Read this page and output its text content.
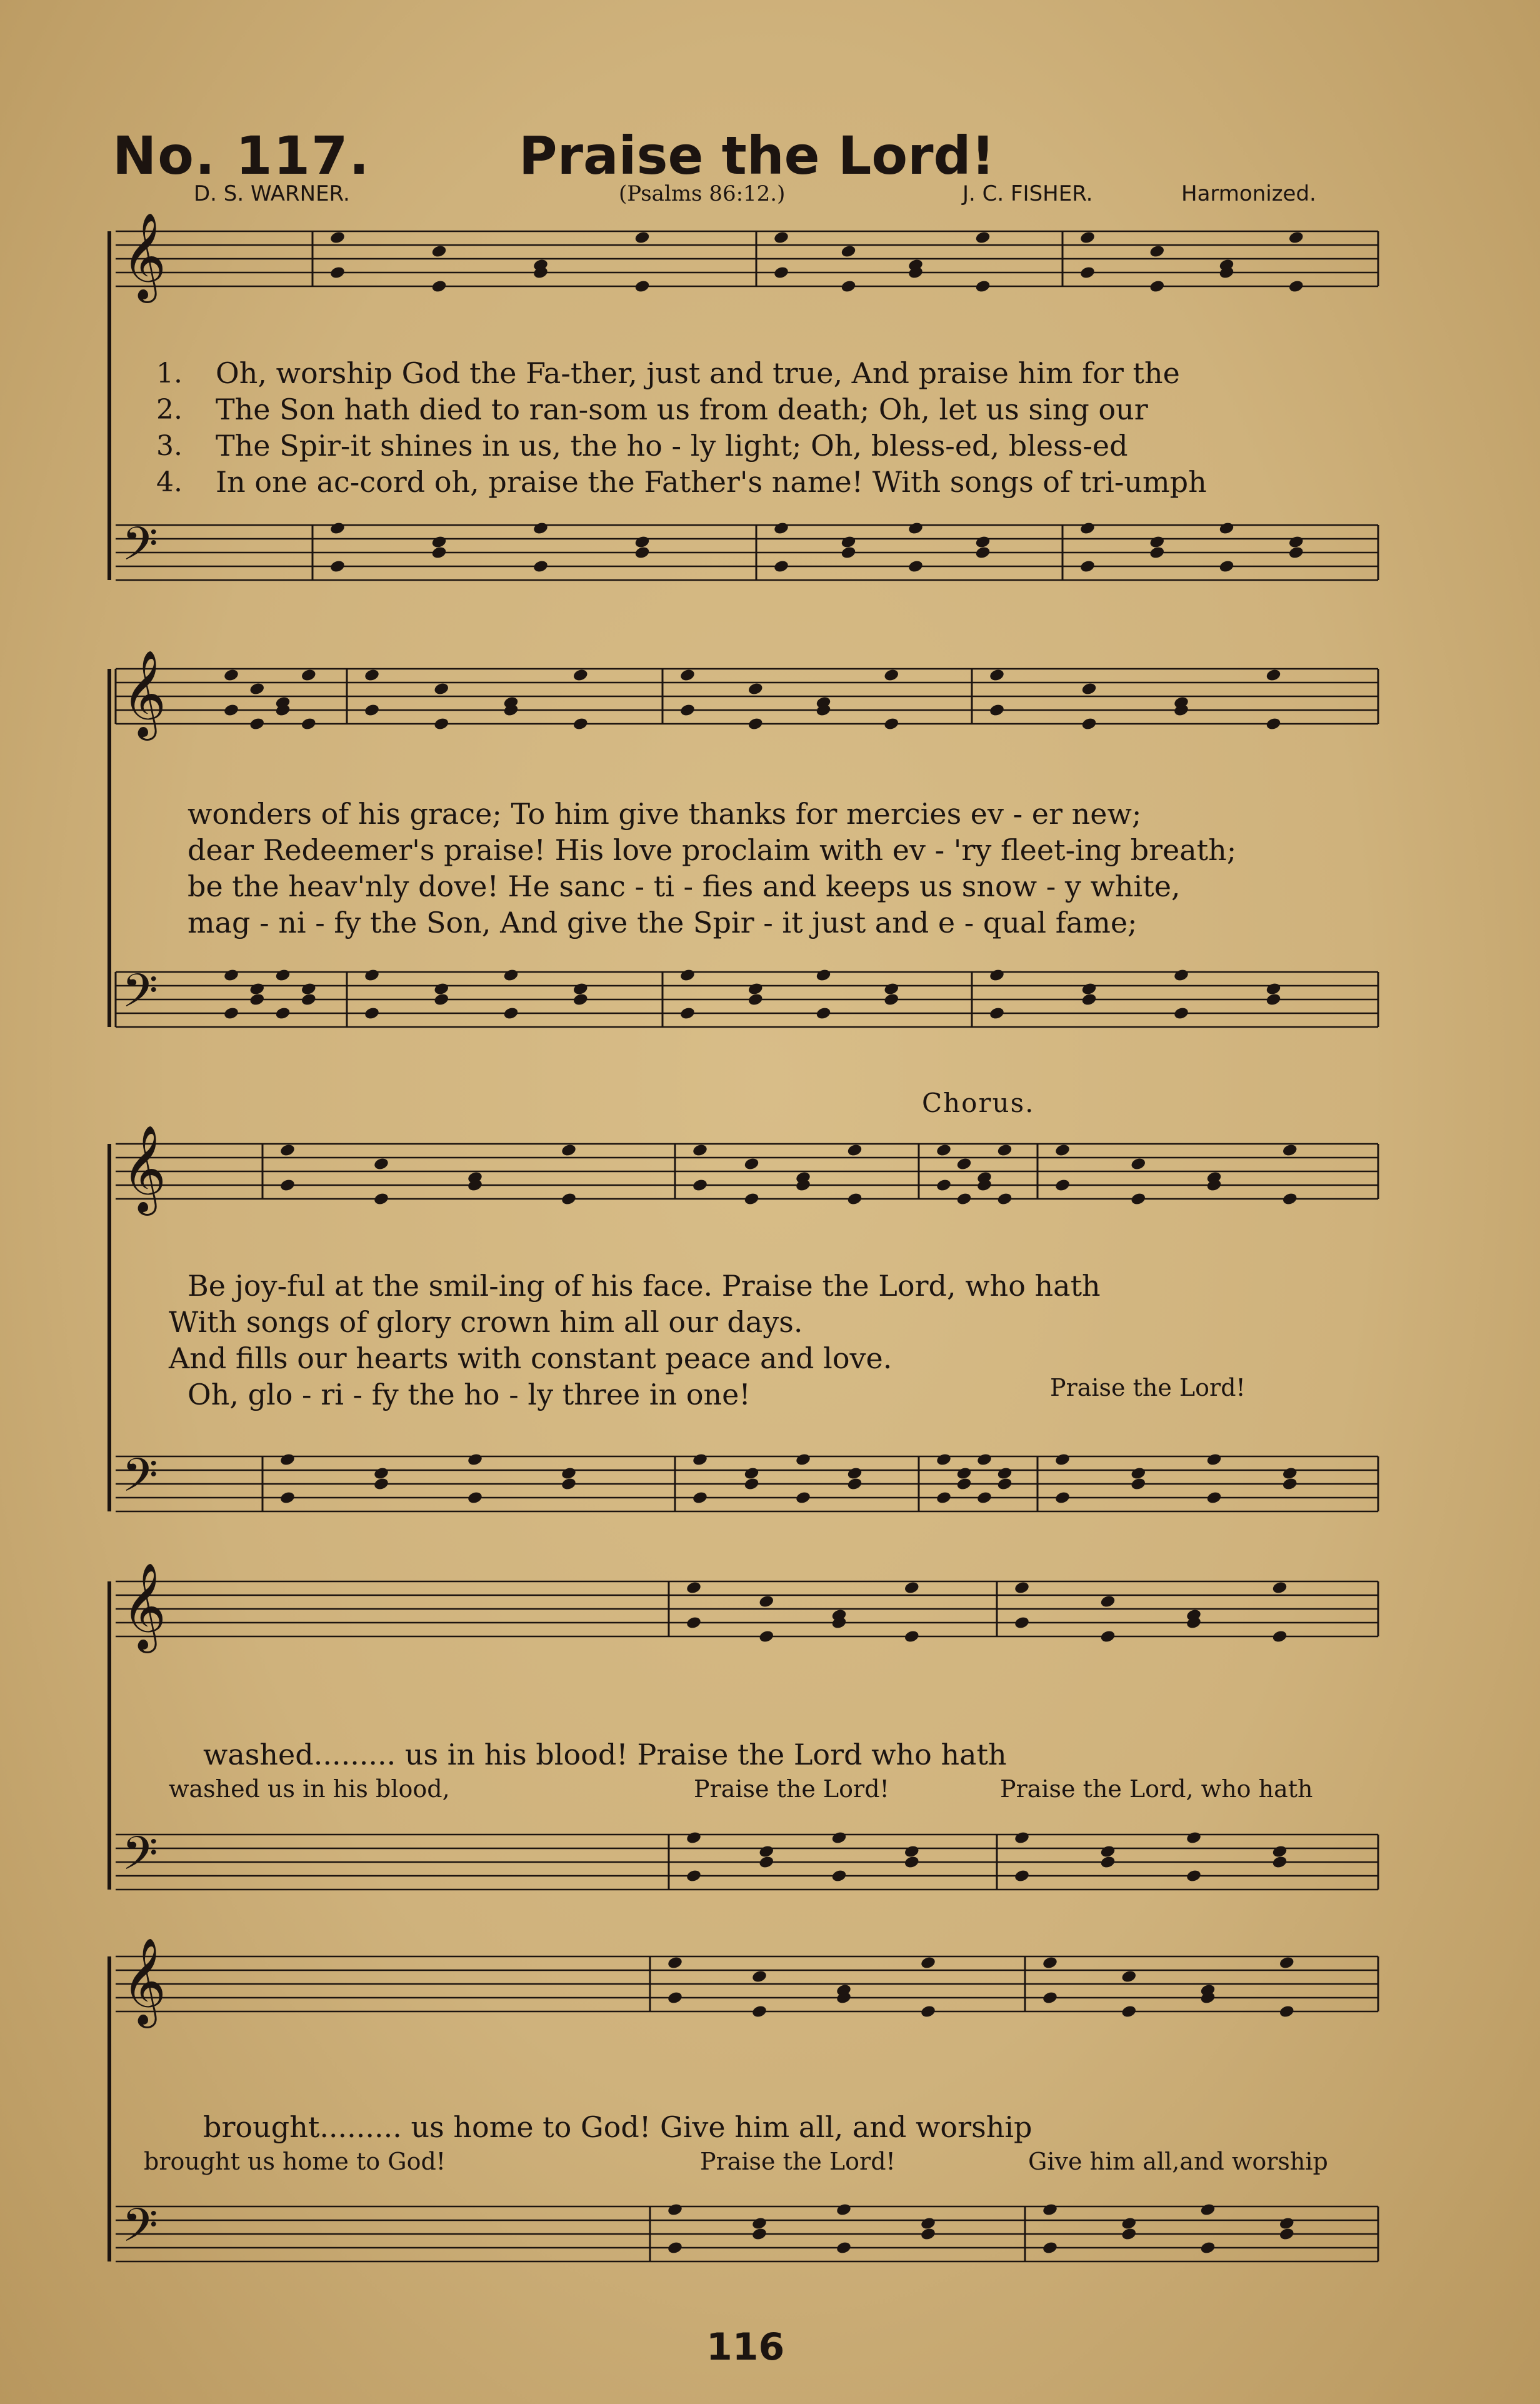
No. 117.	Praise the Lord!
D. S. WARNER.	(Psalms 86:12.)	J. C. FISHER.	Harmonized.
𝄞
𝄢
𝄞
𝄢
𝄞
𝄢
𝄞
𝄢
𝄞
𝄢
1.
2.
3.
4.
Oh, worship God the Fa-ther, just and true, And praise him for the
The Son hath died to ran-som us from death; Oh, let us sing our
The Spir-it shines in us, the ho - ly light; Oh, bless-ed, bless-ed
In one ac-cord oh, praise the Father's name! With songs of tri-umph
wonders of his grace; To him give thanks for mercies ev - er new;
dear Redeemer's praise! His love proclaim with ev - 'ry fleet-ing breath;
be the heav'nly dove! He sanc - ti - fies and keeps us snow - y white,
mag - ni - fy the Son, And give the Spir - it just and e - qual fame;
Chorus.
Be joy-ful at the smil-ing of his face. Praise the Lord, who hath
With songs of glory crown him all our days.
And fills our hearts with constant peace and love.
Oh, glo - ri - fy the ho - ly three in one!	Praise the Lord!
washed......... us in his blood! Praise the Lord who hath
washed us in his blood,	Praise the Lord!	Praise the Lord, who hath
brought......... us home to God! Give him all, and worship
brought us home to God!	Praise the Lord!	Give him all,and worship
116
